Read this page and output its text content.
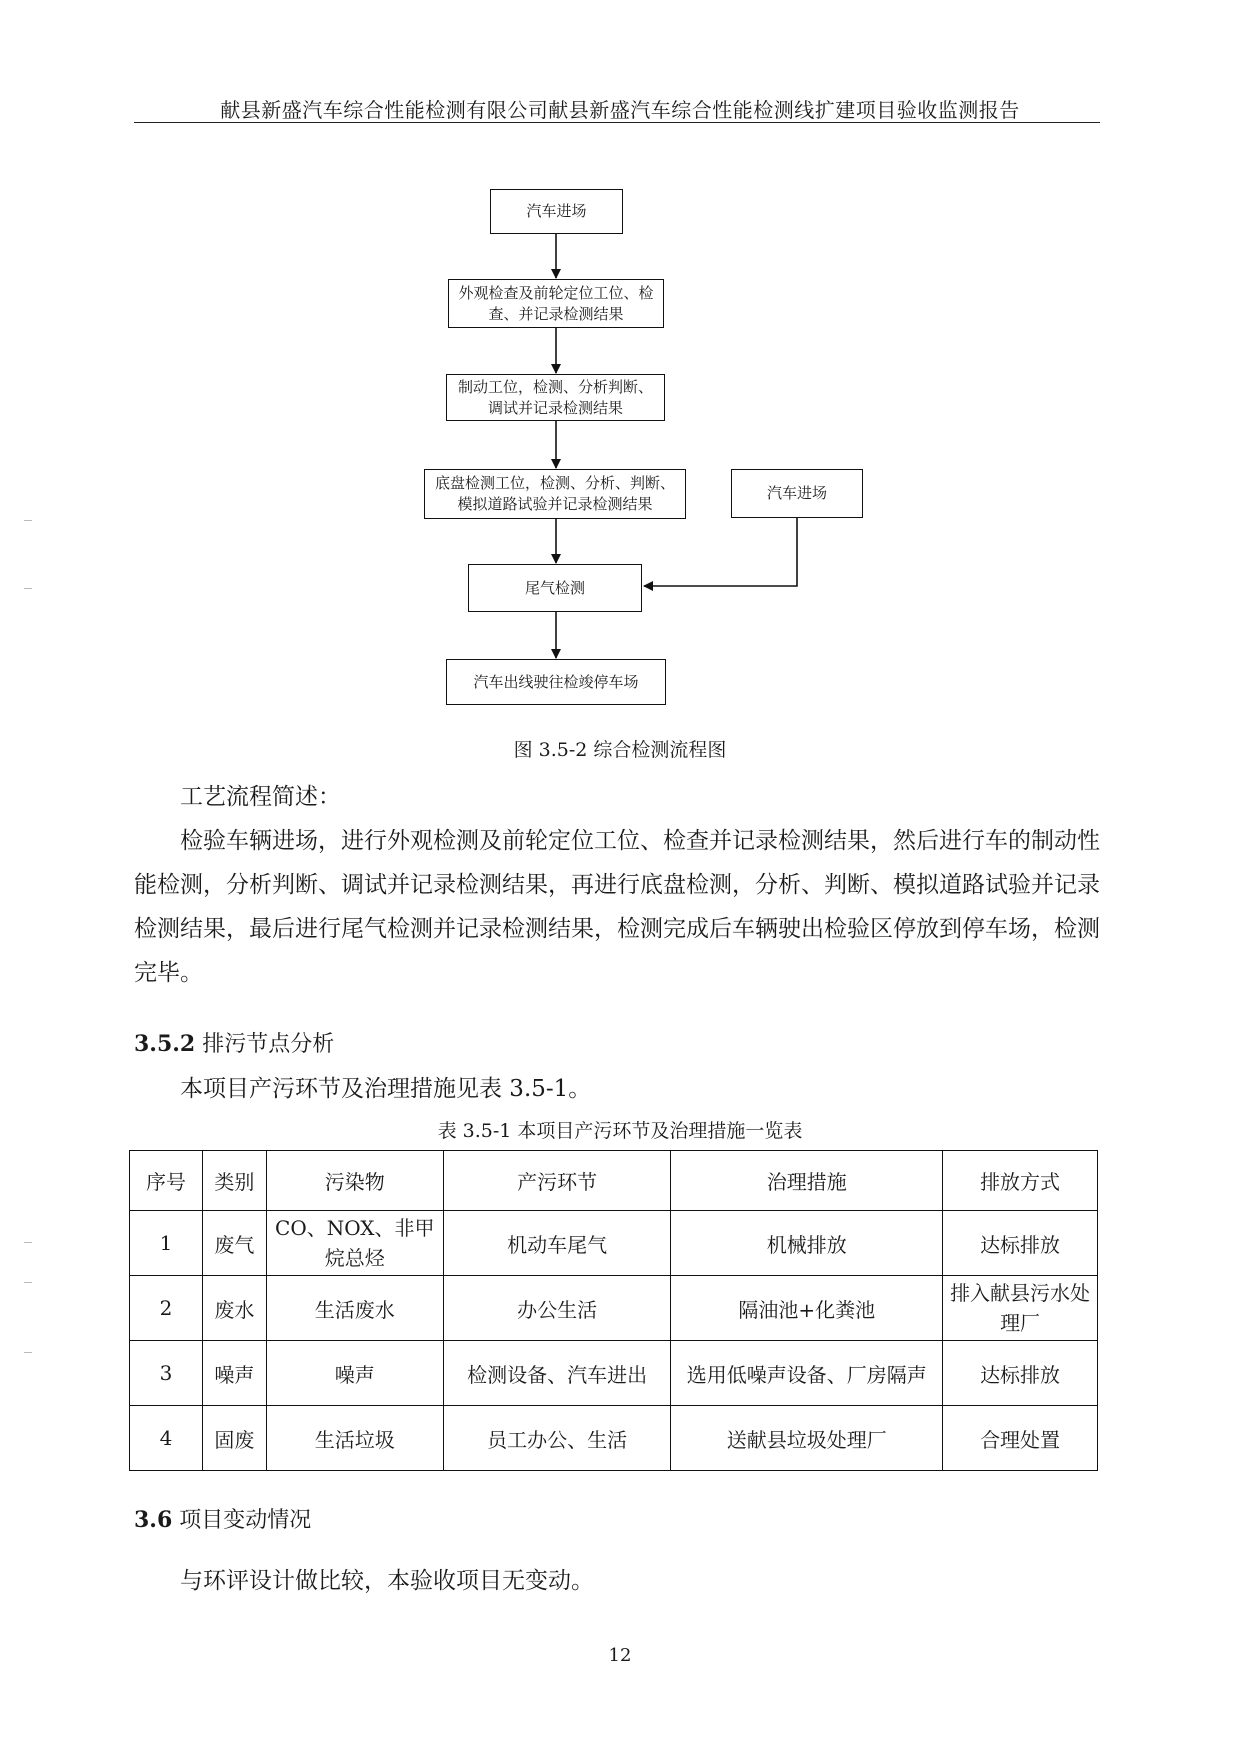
献县新盛汽车综合性能检测有限公司献县新盛汽车综合性能检测线扩建项目验收监测报告
汽车进场
外观检查及前轮定位工位、检查、并记录检测结果
制动工位，检测、分析判断、调试并记录检测结果
底盘检测工位，检测、分析、判断、模拟道路试验并记录检测结果
汽车进场
尾气检测
汽车出线驶往检竣停车场
图 3.5-2 综合检测流程图
工艺流程简述：
检验车辆进场，进行外观检测及前轮定位工位、检查并记录检测结果，然后进行车的制动性能检测，分析判断、调试并记录检测结果，再进行底盘检测，分析、判断、模拟道路试验并记录检测结果，最后进行尾气检测并记录检测结果，检测完成后车辆驶出检验区停放到停车场，检测完毕。
3.5.2 排污节点分析
本项目产污环节及治理措施见表 3.5-1。
表 3.5-1 本项目产污环节及治理措施一览表
序号	类别	污染物	产污环节	治理措施	排放方式
1	废气	CO、NOX、非甲烷总烃	机动车尾气	机械排放	达标排放
2	废水	生活废水	办公生活	隔油池+化粪池	排入献县污水处理厂
3	噪声	噪声	检测设备、汽车进出	选用低噪声设备、厂房隔声	达标排放
4	固废	生活垃圾	员工办公、生活	送献县垃圾处理厂	合理处置
3.6 项目变动情况
与环评设计做比较，本验收项目无变动。
12
